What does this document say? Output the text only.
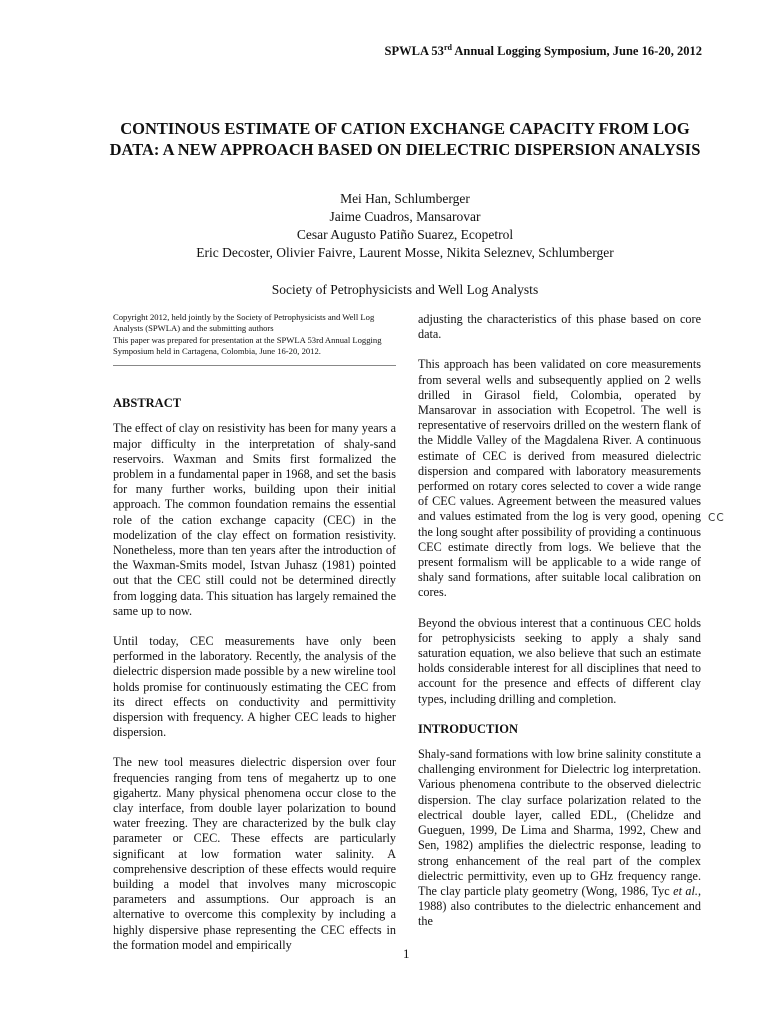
SPWLA 53rd Annual Logging Symposium, June 16-20, 2012
CONTINOUS ESTIMATE OF CATION EXCHANGE CAPACITY FROM LOG DATA: A NEW APPROACH BASED ON DIELECTRIC DISPERSION ANALYSIS
Mei Han, Schlumberger
Jaime Cuadros, Mansarovar
Cesar Augusto Patiño Suarez, Ecopetrol
Eric Decoster, Olivier Faivre, Laurent Mosse, Nikita Seleznev, Schlumberger
Society of Petrophysicists and Well Log Analysts

Copyright 2012, held jointly by the Society of Petrophysicists and Well Log Analysts (SPWLA) and the submitting authors
This paper was prepared for presentation at the SPWLA 53rd Annual Logging Symposium held in Cartagena, Colombia, June 16-20, 2012.

ABSTRACT

The effect of clay on resistivity has been for many years a major difficulty in the interpretation of shaly-sand reservoirs. Waxman and Smits first formalized the problem in a fundamental paper in 1968, and set the basis for many further works, building upon their initial approach. The common foundation remains the essential role of the cation exchange capacity (CEC) in the modelization of the clay effect on formation resistivity. Nonetheless, more than ten years after the introduction of the Waxman-Smits model, Istvan Juhasz (1981) pointed out that the CEC still could not be determined directly from logging data. This situation has largely remained the same up to now.

Until today, CEC measurements have only been performed in the laboratory. Recently, the analysis of the dielectric dispersion made possible by a new wireline tool holds promise for continuously estimating the CEC from its direct effects on conductivity and permittivity dispersion with frequency. A higher CEC leads to higher dispersion.

The new tool measures dielectric dispersion over four frequencies ranging from tens of megahertz up to one gigahertz. Many physical phenomena occur close to the clay interface, from double layer polarization to bound water freezing. They are characterized by the bulk clay parameter or CEC. These effects are particularly significant at low formation water salinity. A comprehensive description of these effects would require building a model that involves many microscopic parameters and assumptions. Our approach is an alternative to overcome this complexity by including a highly dispersive phase representing the CEC effects in the formation model and empirically

adjusting the characteristics of this phase based on core data.

This approach has been validated on core measurements from several wells and subsequently applied on 2 wells drilled in Girasol field, Colombia, operated by Mansarovar in association with Ecopetrol. The well is representative of reservoirs drilled on the western flank of the Middle Valley of the Magdalena River. A continuous estimate of CEC is derived from measured dielectric dispersion and compared with laboratory measurements performed on rotary cores selected to cover a wide range of CEC values. Agreement between the measured values and values estimated from the log is very good, opening the long sought after possibility of providing a continuous CEC estimate directly from logs. We believe that the present formalism will be applicable to a wide range of shaly sand formations, after suitable local calibration on cores.

Beyond the obvious interest that a continuous CEC holds for petrophysicists seeking to apply a shaly sand saturation equation, we also believe that such an estimate holds considerable interest for all disciplines that need to account for the presence and effects of different clay types, including drilling and completion.

INTRODUCTION

Shaly-sand formations with low brine salinity constitute a challenging environment for Dielectric log interpretation. Various phenomena contribute to the observed dielectric dispersion. The clay surface polarization related to the electrical double layer, called EDL, (Chelidze and Gueguen, 1999, De Lima and Sharma, 1992, Chew and Sen, 1982) amplifies the dielectric response, leading to strong enhancement of the real part of the complex dielectric permittivity, even up to GHz frequency range. The clay particle platy geometry (Wong, 1986, Tyc et al., 1988) also contributes to the dielectric enhancement and the

CC
1
